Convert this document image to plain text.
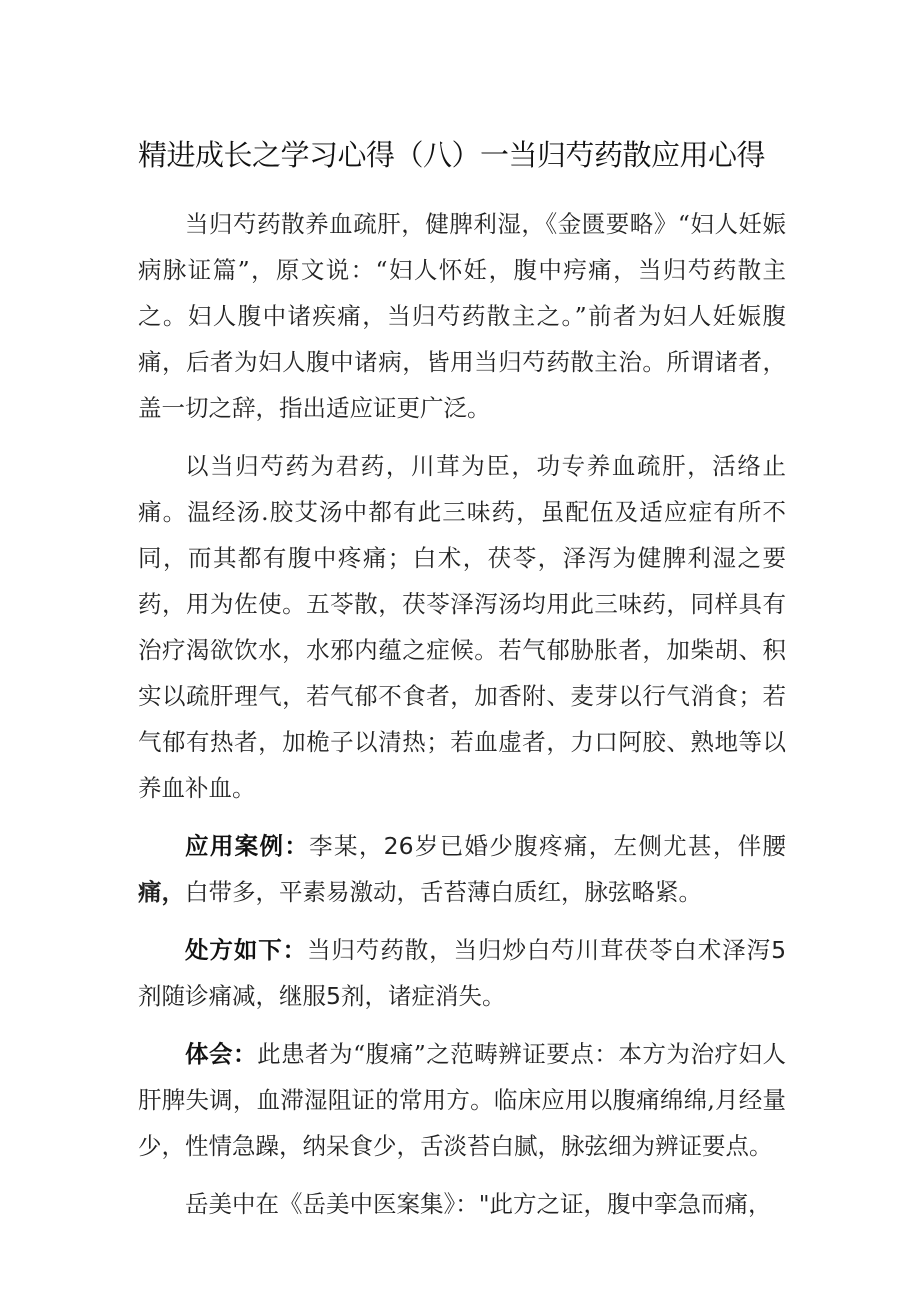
精进成长之学习心得（八）一当归芍药散应用心得

当归芍药散养血疏肝，健脾利湿，《金匮要略》“妇人妊娠病脉证篇”，原文说：“妇人怀妊，腹中疞痛，当归芍药散主之。妇人腹中诸疾痛，当归芍药散主之。”前者为妇人妊娠腹痛，后者为妇人腹中诸病，皆用当归芍药散主治。所谓诸者，盖一切之辞，指出适应证更广泛。

以当归芍药为君药，川茸为臣，功专养血疏肝，活络止痛。温经汤.胶艾汤中都有此三味药，虽配伍及适应症有所不同，而其都有腹中疼痛；白术，茯苓，泽泻为健脾利湿之要药，用为佐使。五苓散，茯苓泽泻汤均用此三味药，同样具有治疗渴欲饮水，水邪内蕴之症候。若气郁胁胀者，加柴胡、积实以疏肝理气，若气郁不食者，加香附、麦芽以行气消食；若气郁有热者，加桅子以清热；若血虚者，力口阿胶、熟地等以养血补血。

应用案例：李某，26岁已婚少腹疼痛，左侧尤甚，伴腰痛，白带多，平素易激动，舌苔薄白质红，脉弦略紧。

处方如下：当归芍药散，当归炒白芍川茸茯苓白术泽泻5剂随诊痛减，继服5剂，诸症消失。

体会：此患者为“腹痛”之范畴辨证要点：本方为治疗妇人肝脾失调，血滞湿阻证的常用方。临床应用以腹痛绵绵,月经量少，性情急躁，纳呆食少，舌淡苔白腻，脉弦细为辨证要点。

岳美中在《岳美中医案集》："此方之证，腹中挛急而痛，
